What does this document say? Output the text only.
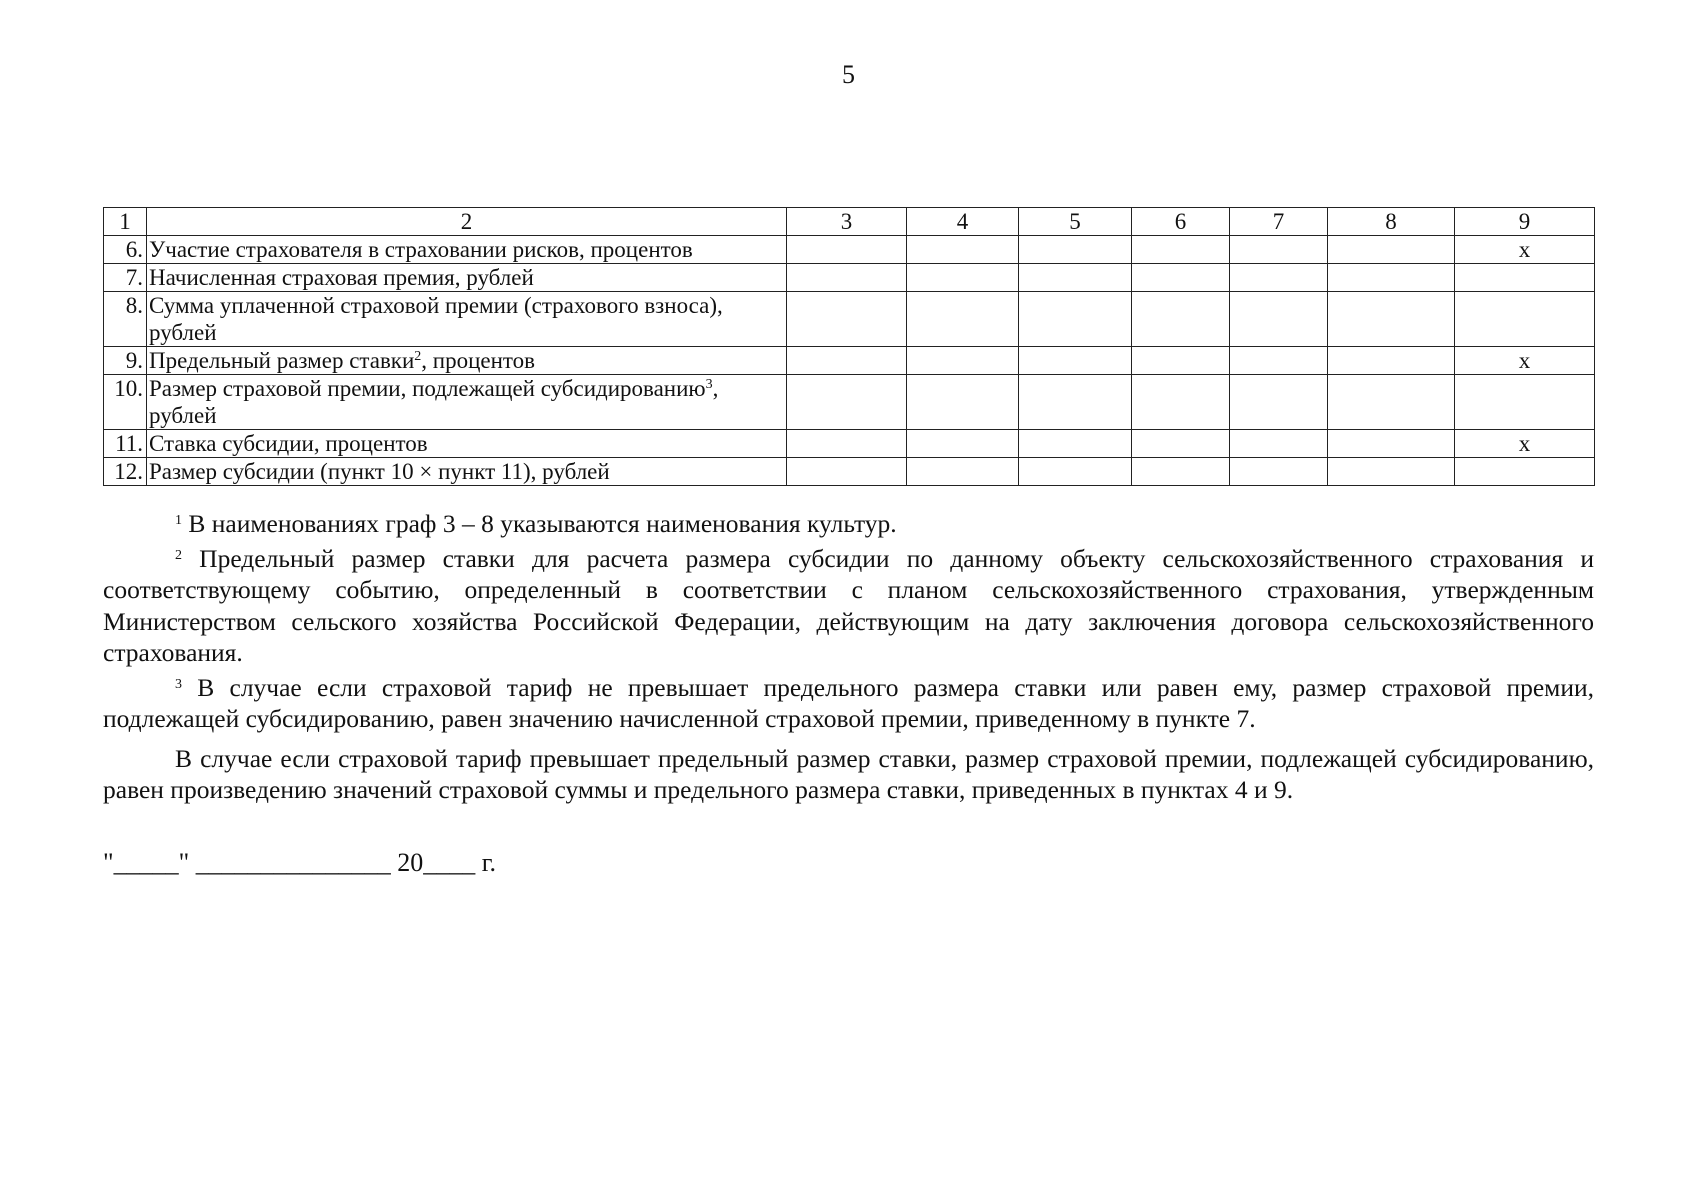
5
1	2	3	4	5	6	7	8	9
6.	Участие страхователя в страховании рисков, процентов							x
7.	Начисленная страховая премия, рублей							
8.	Сумма уплаченной страховой премии (страхового взноса), рублей							
9.	Предельный размер ставки$^2$, процентов							x
10.	Размер страховой премии, подлежащей субсидированию$^3$, рублей							
11.	Ставка субсидии, процентов							x
12.	Размер субсидии (пункт 10 × пункт 11), рублей							

$^1$ В наименованиях граф 3 – 8 указываются наименования культур.

$^2$ Предельный размер ставки для расчета размера субсидии по данному объекту сельскохозяйственного страхования и соответствующему событию, определенный в соответствии с планом сельскохозяйственного страхования, утвержденным Министерством сельского хозяйства Российской Федерации, действующим на дату заключения договора сельскохозяйственного страхования.

$^3$ В случае если страховой тариф не превышает предельного размера ставки или равен ему, размер страховой премии, подлежащей субсидированию, равен значению начисленной страховой премии, приведенному в пункте 7.

В случае если страховой тариф превышает предельный размер ставки, размер страховой премии, подлежащей субсидированию, равен произведению значений страховой суммы и предельного размера ставки, приведенных в пунктах 4 и 9.

"_____" _______________ 20____ г.
